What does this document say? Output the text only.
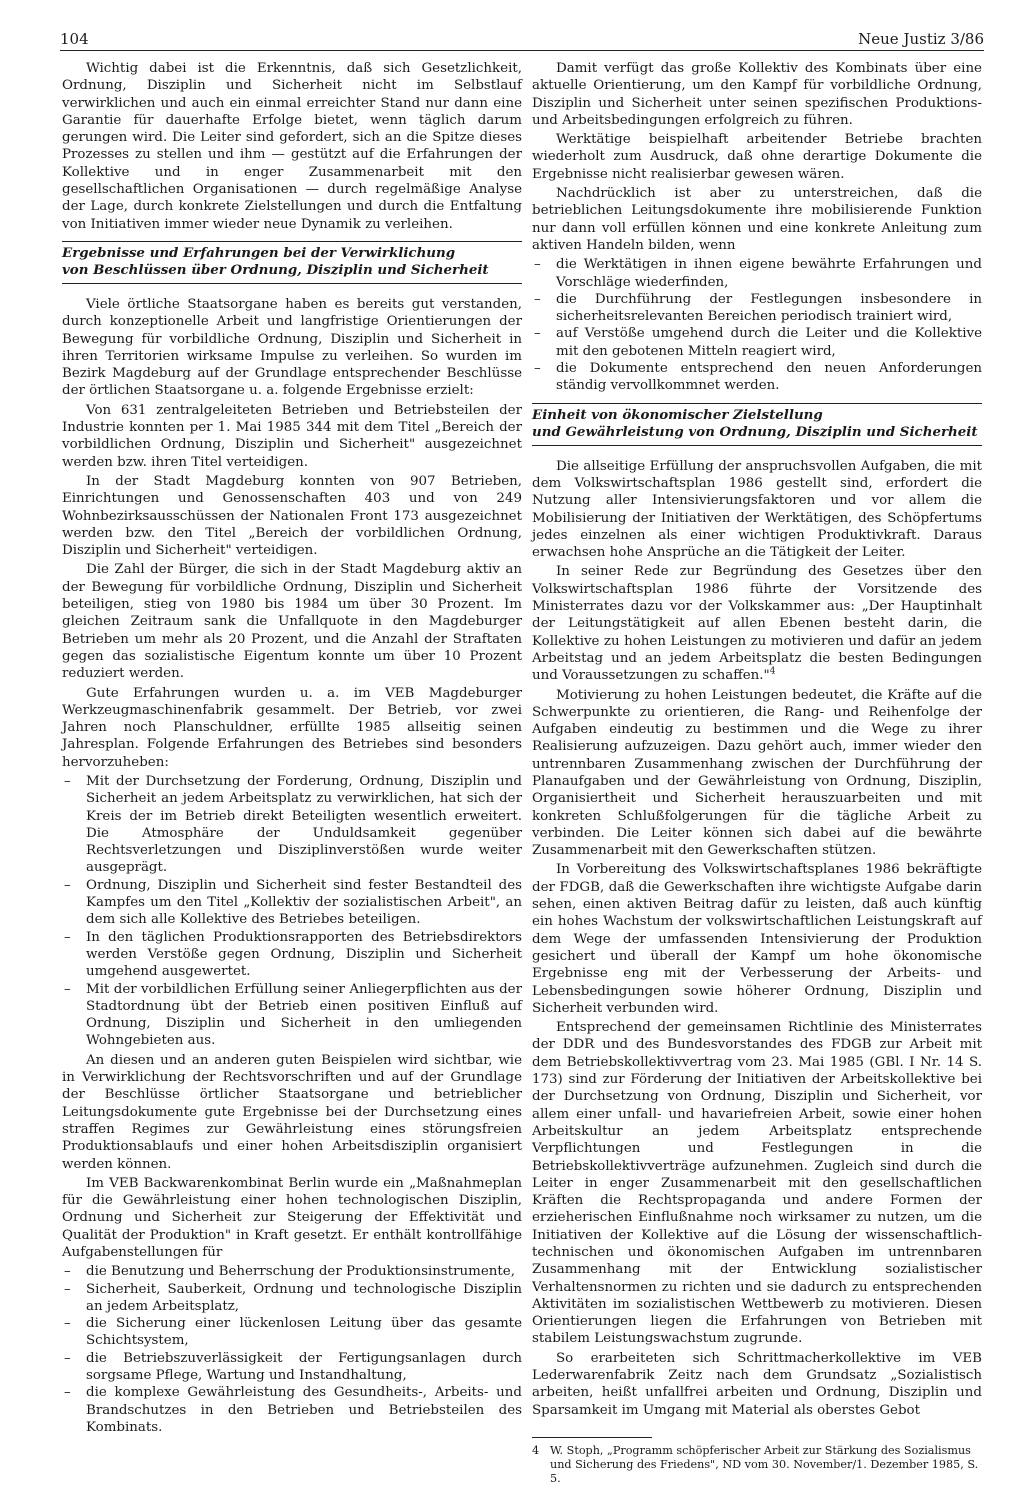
104	Neue Justiz 3/86

Wichtig dabei ist die Erkenntnis, daß sich Gesetzlichkeit, Ordnung, Disziplin und Sicherheit nicht im Selbstlauf verwirklichen und auch ein einmal erreichter Stand nur dann eine Garantie für dauerhafte Erfolge bietet, wenn täglich darum gerungen wird. Die Leiter sind gefordert, sich an die Spitze dieses Prozesses zu stellen und ihm — gestützt auf die Erfahrungen der Kollektive und in enger Zusammenarbeit mit den gesellschaftlichen Organisationen — durch regelmäßige Analyse der Lage, durch konkrete Zielstellungen und durch die Entfaltung von Initiativen immer wieder neue Dynamik zu verleihen.

Ergebnisse und Erfahrungen bei der Verwirklichung
von Beschlüssen über Ordnung, Disziplin und Sicherheit

Viele örtliche Staatsorgane haben es bereits gut verstanden, durch konzeptionelle Arbeit und langfristige Orientierungen der Bewegung für vorbildliche Ordnung, Disziplin und Sicherheit in ihren Territorien wirksame Impulse zu verleihen. So wurden im Bezirk Magdeburg auf der Grundlage entsprechender Beschlüsse der örtlichen Staatsorgane u. a. folgende Ergebnisse erzielt:

Von 631 zentralgeleiteten Betrieben und Betriebsteilen der Industrie konnten per 1. Mai 1985 344 mit dem Titel „Bereich der vorbildlichen Ordnung, Disziplin und Sicherheit" ausgezeichnet werden bzw. ihren Titel verteidigen.

In der Stadt Magdeburg konnten von 907 Betrieben, Einrichtungen und Genossenschaften 403 und von 249 Wohnbezirksausschüssen der Nationalen Front 173 ausgezeichnet werden bzw. den Titel „Bereich der vorbildlichen Ordnung, Disziplin und Sicherheit" verteidigen.

Die Zahl der Bürger, die sich in der Stadt Magdeburg aktiv an der Bewegung für vorbildliche Ordnung, Disziplin und Sicherheit beteiligen, stieg von 1980 bis 1984 um über 30 Prozent. Im gleichen Zeitraum sank die Unfallquote in den Magdeburger Betrieben um mehr als 20 Prozent, und die Anzahl der Straftaten gegen das sozialistische Eigentum konnte um über 10 Prozent reduziert werden.

Gute Erfahrungen wurden u. a. im VEB Magdeburger Werkzeugmaschinenfabrik gesammelt. Der Betrieb, vor zwei Jahren noch Planschuldner, erfüllte 1985 allseitig seinen Jahresplan. Folgende Erfahrungen des Betriebes sind besonders hervorzuheben:

– Mit der Durchsetzung der Forderung, Ordnung, Disziplin und Sicherheit an jedem Arbeitsplatz zu verwirklichen, hat sich der Kreis der im Betrieb direkt Beteiligten wesentlich erweitert. Die Atmosphäre der Unduldsamkeit gegenüber Rechtsverletzungen und Disziplinverstößen wurde weiter ausgeprägt.
– Ordnung, Disziplin und Sicherheit sind fester Bestandteil des Kampfes um den Titel „Kollektiv der sozialistischen Arbeit", an dem sich alle Kollektive des Betriebes beteiligen.
– In den täglichen Produktionsrapporten des Betriebsdirektors werden Verstöße gegen Ordnung, Disziplin und Sicherheit umgehend ausgewertet.
– Mit der vorbildlichen Erfüllung seiner Anliegerpflichten aus der Stadtordnung übt der Betrieb einen positiven Einfluß auf Ordnung, Disziplin und Sicherheit in den umliegenden Wohngebieten aus.

An diesen und an anderen guten Beispielen wird sichtbar, wie in Verwirklichung der Rechtsvorschriften und auf der Grundlage der Beschlüsse örtlicher Staatsorgane und betrieblicher Leitungsdokumente gute Ergebnisse bei der Durchsetzung eines straffen Regimes zur Gewährleistung eines störungsfreien Produktionsablaufs und einer hohen Arbeitsdisziplin organisiert werden können.

Im VEB Backwarenkombinat Berlin wurde ein „Maßnahmeplan für die Gewährleistung einer hohen technologischen Disziplin, Ordnung und Sicherheit zur Steigerung der Effektivität und Qualität der Produktion" in Kraft gesetzt. Er enthält kontrollfähige Aufgabenstellungen für

– die Benutzung und Beherrschung der Produktionsinstrumente,
– Sicherheit, Sauberkeit, Ordnung und technologische Disziplin an jedem Arbeitsplatz,
– die Sicherung einer lückenlosen Leitung über das gesamte Schichtsystem,
– die Betriebszuverlässigkeit der Fertigungsanlagen durch sorgsame Pflege, Wartung und Instandhaltung,
– die komplexe Gewährleistung des Gesundheits-, Arbeits- und Brandschutzes in den Betrieben und Betriebsteilen des Kombinats.

Damit verfügt das große Kollektiv des Kombinats über eine aktuelle Orientierung, um den Kampf für vorbildliche Ordnung, Disziplin und Sicherheit unter seinen spezifischen Produktions- und Arbeitsbedingungen erfolgreich zu führen.

Werktätige beispielhaft arbeitender Betriebe brachten wiederholt zum Ausdruck, daß ohne derartige Dokumente die Ergebnisse nicht realisierbar gewesen wären.

Nachdrücklich ist aber zu unterstreichen, daß die betrieblichen Leitungsdokumente ihre mobilisierende Funktion nur dann voll erfüllen können und eine konkrete Anleitung zum aktiven Handeln bilden, wenn

– die Werktätigen in ihnen eigene bewährte Erfahrungen und Vorschläge wiederfinden,
– die Durchführung der Festlegungen insbesondere in sicherheitsrelevanten Bereichen periodisch trainiert wird,
– auf Verstöße umgehend durch die Leiter und die Kollektive mit den gebotenen Mitteln reagiert wird,
– die Dokumente entsprechend den neuen Anforderungen ständig vervollkommnet werden.
Einheit von ökonomischer Zielstellung
und Gewährleistung von Ordnung, Disziplin und Sicherheit

Die allseitige Erfüllung der anspruchsvollen Aufgaben, die mit dem Volkswirtschaftsplan 1986 gestellt sind, erfordert die Nutzung aller Intensivierungsfaktoren und vor allem die Mobilisierung der Initiativen der Werktätigen, des Schöpfertums jedes einzelnen als einer wichtigen Produktivkraft. Daraus erwachsen hohe Ansprüche an die Tätigkeit der Leiter.

In seiner Rede zur Begründung des Gesetzes über den Volkswirtschaftsplan 1986 führte der Vorsitzende des Ministerrates dazu vor der Volkskammer aus: „Der Hauptinhalt der Leitungstätigkeit auf allen Ebenen besteht darin, die Kollektive zu hohen Leistungen zu motivieren und dafür an jedem Arbeitstag und an jedem Arbeitsplatz die besten Bedingungen und Voraussetzungen zu schaffen."$^4$

Motivierung zu hohen Leistungen bedeutet, die Kräfte auf die Schwerpunkte zu orientieren, die Rang- und Reihenfolge der Aufgaben eindeutig zu bestimmen und die Wege zu ihrer Realisierung aufzuzeigen. Dazu gehört auch, immer wieder den untrennbaren Zusammenhang zwischen der Durchführung der Planaufgaben und der Gewährleistung von Ordnung, Disziplin, Organisiertheit und Sicherheit herauszuarbeiten und mit konkreten Schlußfolgerungen für die tägliche Arbeit zu verbinden. Die Leiter können sich dabei auf die bewährte Zusammenarbeit mit den Gewerkschaften stützen.

In Vorbereitung des Volkswirtschaftsplanes 1986 bekräftigte der FDGB, daß die Gewerkschaften ihre wichtigste Aufgabe darin sehen, einen aktiven Beitrag dafür zu leisten, daß auch künftig ein hohes Wachstum der volkswirtschaftlichen Leistungskraft auf dem Wege der umfassenden Intensivierung der Produktion gesichert und überall der Kampf um hohe ökonomische Ergebnisse eng mit der Verbesserung der Arbeits- und Lebensbedingungen sowie höherer Ordnung, Disziplin und Sicherheit verbunden wird.

Entsprechend der gemeinsamen Richtlinie des Ministerrates der DDR und des Bundesvorstandes des FDGB zur Arbeit mit dem Betriebskollektivvertrag vom 23. Mai 1985 (GBl. I Nr. 14 S. 173) sind zur Förderung der Initiativen der Arbeitskollektive bei der Durchsetzung von Ordnung, Disziplin und Sicherheit, vor allem einer unfall- und havariefreien Arbeit, sowie einer hohen Arbeitskultur an jedem Arbeitsplatz entsprechende Verpflichtungen und Festlegungen in die Betriebskollektivverträge aufzunehmen. Zugleich sind durch die Leiter in enger Zusammenarbeit mit den gesellschaftlichen Kräften die Rechtspropaganda und andere Formen der erzieherischen Einflußnahme noch wirksamer zu nutzen, um die Initiativen der Kollektive auf die Lösung der wissenschaftlich-technischen und ökonomischen Aufgaben im untrennbaren Zusammenhang mit der Entwicklung sozialistischer Verhaltensnormen zu richten und sie dadurch zu entsprechenden Aktivitäten im sozialistischen Wettbewerb zu motivieren. Diesen Orientierungen liegen die Erfahrungen von Betrieben mit stabilem Leistungswachstum zugrunde.

So erarbeiteten sich Schrittmacherkollektive im VEB Lederwarenfabrik Zeitz nach dem Grundsatz „Sozialistisch arbeiten, heißt unfallfrei arbeiten und Ordnung, Disziplin und Sparsamkeit im Umgang mit Material als oberstes Gebot

4 W. Stoph, „Programm schöpferischer Arbeit zur Stärkung des Sozialismus und Sicherung des Friedens", ND vom 30. November/1. Dezember 1985, S. 5.
